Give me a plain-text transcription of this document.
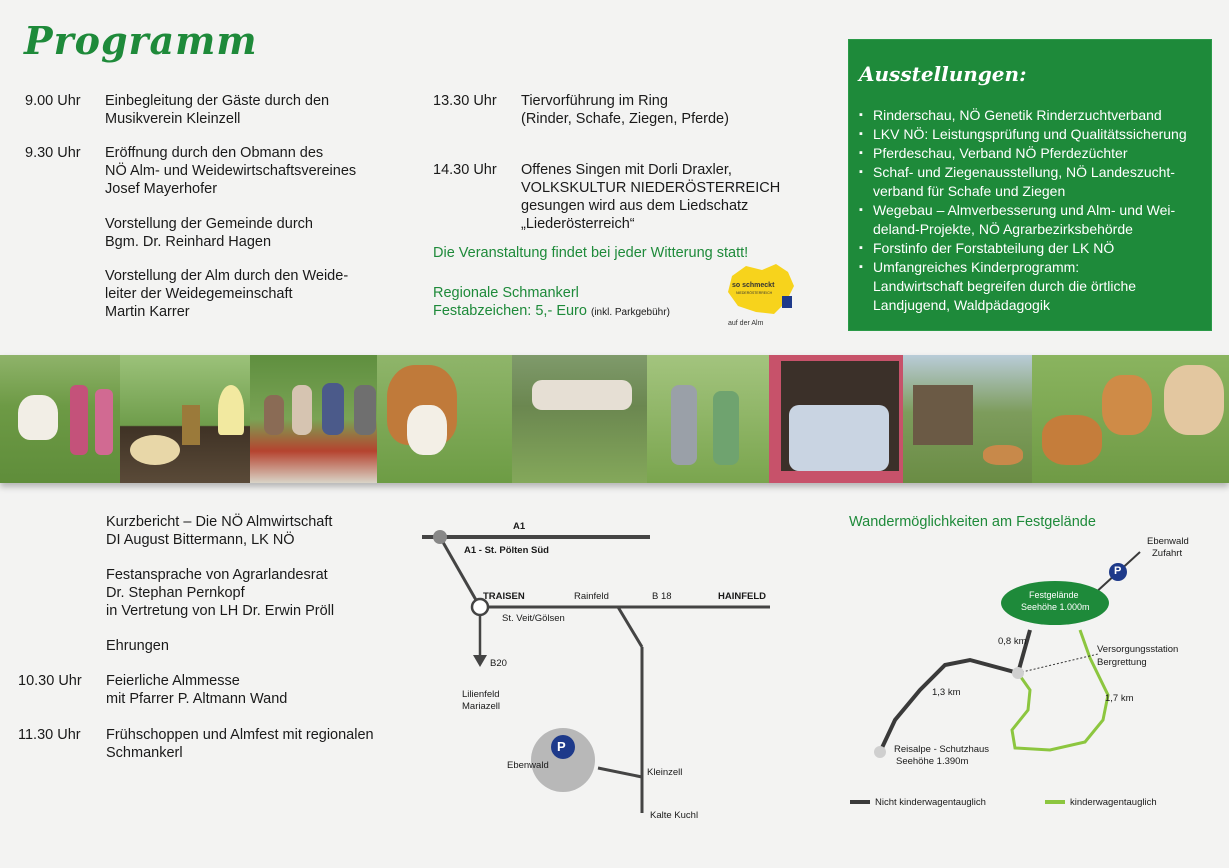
Programm
9.00 Uhr Einbegleitung der Gäste durch den
Musikverein Kleinzell
9.30 Uhr Eröffnung durch den Obmann des
NÖ Alm- und Weidewirtschaftsvereines
Josef Mayerhofer
Vorstellung der Gemeinde durch
Bgm. Dr. Reinhard Hagen
Vorstellung der Alm durch den Weide-
leiter der Weidegemeinschaft
Martin Karrer
13.30 Uhr Tiervorführung im Ring
(Rinder, Schafe, Ziegen, Pferde)
14.30 Uhr Offenes Singen mit Dorli Draxler,
VOLKSKULTUR NIEDERÖSTERREICH
gesungen wird aus dem Liedschatz
„Liederösterreich“
Die Veranstaltung findet bei jeder Witterung statt!
Regionale Schmankerl
Festabzeichen: 5,- Euro (inkl. Parkgebühr)
so schmeckt
NIEDERÖSTERREICH
auf der Alm
Ausstellungen:
▪ Rinderschau, NÖ Genetik Rinderzuchtverband
▪ LKV NÖ: Leistungsprüfung und Qualitätssicherung
▪ Pferdeschau, Verband NÖ Pferdezüchter
▪ Schaf- und Ziegenausstellung, NÖ Landeszucht-
verband für Schafe und Ziegen
▪ Wegebau – Almverbesserung und Alm- und Wei-
deland-Projekte, NÖ Agrarbezirksbehörde
▪ Forstinfo der Forstabteilung der LK NÖ
▪ Umfangreiches Kinderprogramm:
Landwirtschaft begreifen durch die örtliche
Landjugend, Waldpädagogik
Kurzbericht – Die NÖ Almwirtschaft
DI August Bittermann, LK NÖ
Festansprache von Agrarlandesrat
Dr. Stephan Pernkopf
in Vertretung von LH Dr. Erwin Pröll
Ehrungen
10.30 Uhr Feierliche Almmesse
mit Pfarrer P. Altmann Wand
11.30 Uhr Frühschoppen und Almfest mit regionalen
Schmankerl
A1
A1 - St. Pölten Süd
TRAISEN	Rainfeld	B 18	HAINFELD
St. Veit/Gölsen
B20
Lilienfeld
Mariazell
Ebenwald
Kleinzell
Kalte Kuchl
P
Wandermöglichkeiten am Festgelände
Festgelände
Seehöhe 1.000m
P
Ebenwald
Zufahrt
0,8 km
Versorgungsstation
Bergrettung
1,3 km
1,7 km
Reisalpe - Schutzhaus
Seehöhe 1.390m
Nicht kinderwagentauglich	kinderwagentauglich
